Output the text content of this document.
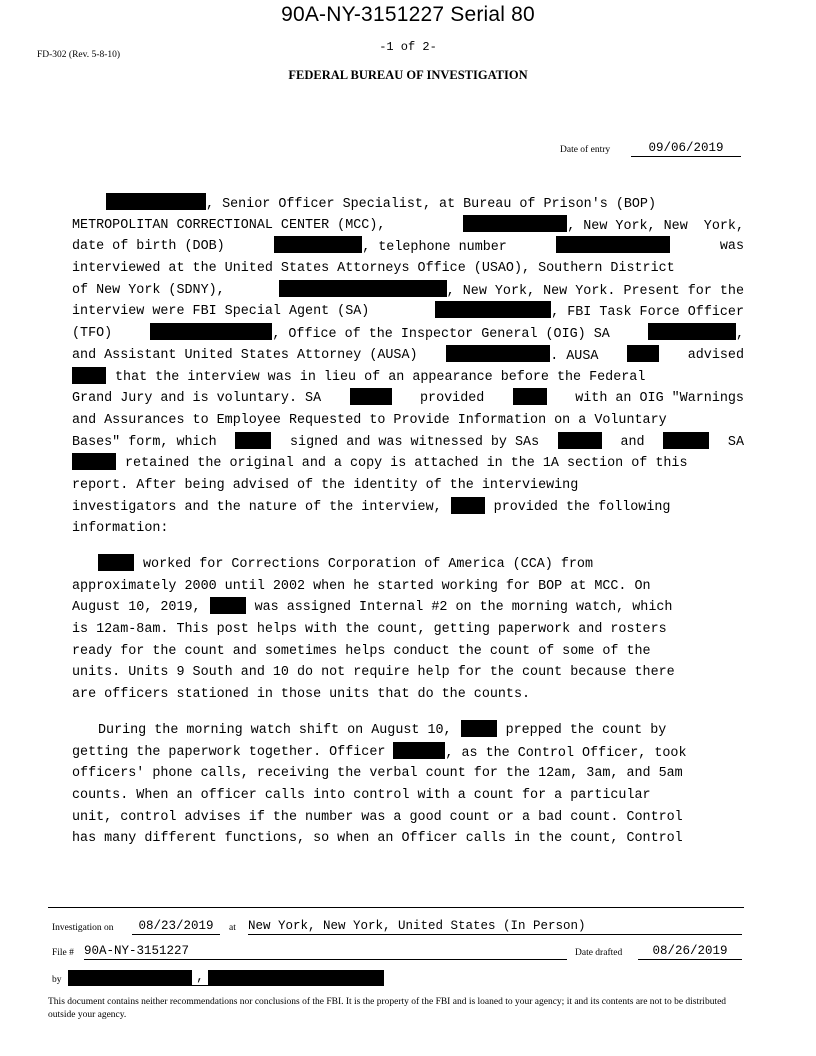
90A-NY-3151227 Serial 80
FD-302 (Rev. 5-8-10)
-1 of 2-
FEDERAL BUREAU OF INVESTIGATION
Date of entry	09/06/2019
, Senior Officer Specialist, at Bureau of Prison's (BOP)
METROPOLITAN CORRECTIONAL CENTER (MCC),	, New York, New  York,
date of birth (DOB)	, telephone number	was
interviewed at the United States Attorneys Office (USAO), Southern District
of New York (SDNY),	, New York, New York. Present for the
interview were FBI Special Agent (SA)	, FBI Task Force Officer
(TFO)	, Office of the Inspector General (OIG) SA	,
and Assistant United States Attorney (AUSA)	. AUSA	advised
that the interview was in lieu of an appearance before the Federal
Grand Jury and is voluntary. SA	provided	with an OIG "Warnings
and Assurances to Employee Requested to Provide Information on a Voluntary
Bases" form, which	signed and was witnessed by SAs	and	SA
retained the original and a copy is attached in the 1A section of this
report. After being advised of the identity of the interviewing
investigators and the nature of the interview,	provided the following
information:
worked for Corrections Corporation of America (CCA) from
approximately 2000 until 2002 when he started working for BOP at MCC. On
August 10, 2019,	was assigned Internal #2 on the morning watch, which
is 12am-8am. This post helps with the count, getting paperwork and rosters
ready for the count and sometimes helps conduct the count of some of the
units. Units 9 South and 10 do not require help for the count because there
are officers stationed in those units that do the counts.
During the morning watch shift on August 10,	prepped the count by
getting the paperwork together. Officer	, as the Control Officer, took
officers' phone calls, receiving the verbal count for the 12am, 3am, and 5am
counts. When an officer calls into control with a count for a particular
unit, control advises if the number was a good count or a bad count. Control
has many different functions, so when an Officer calls in the count, Control
Investigation on	08/23/2019	at New York, New York, United States (In Person)
File # 90A-NY-3151227	Date drafted	08/26/2019
by	,
This document contains neither recommendations nor conclusions of the FBI. It is the property of the FBI and is loaned to your agency; it and its contents are not to be distributed outside your agency.
